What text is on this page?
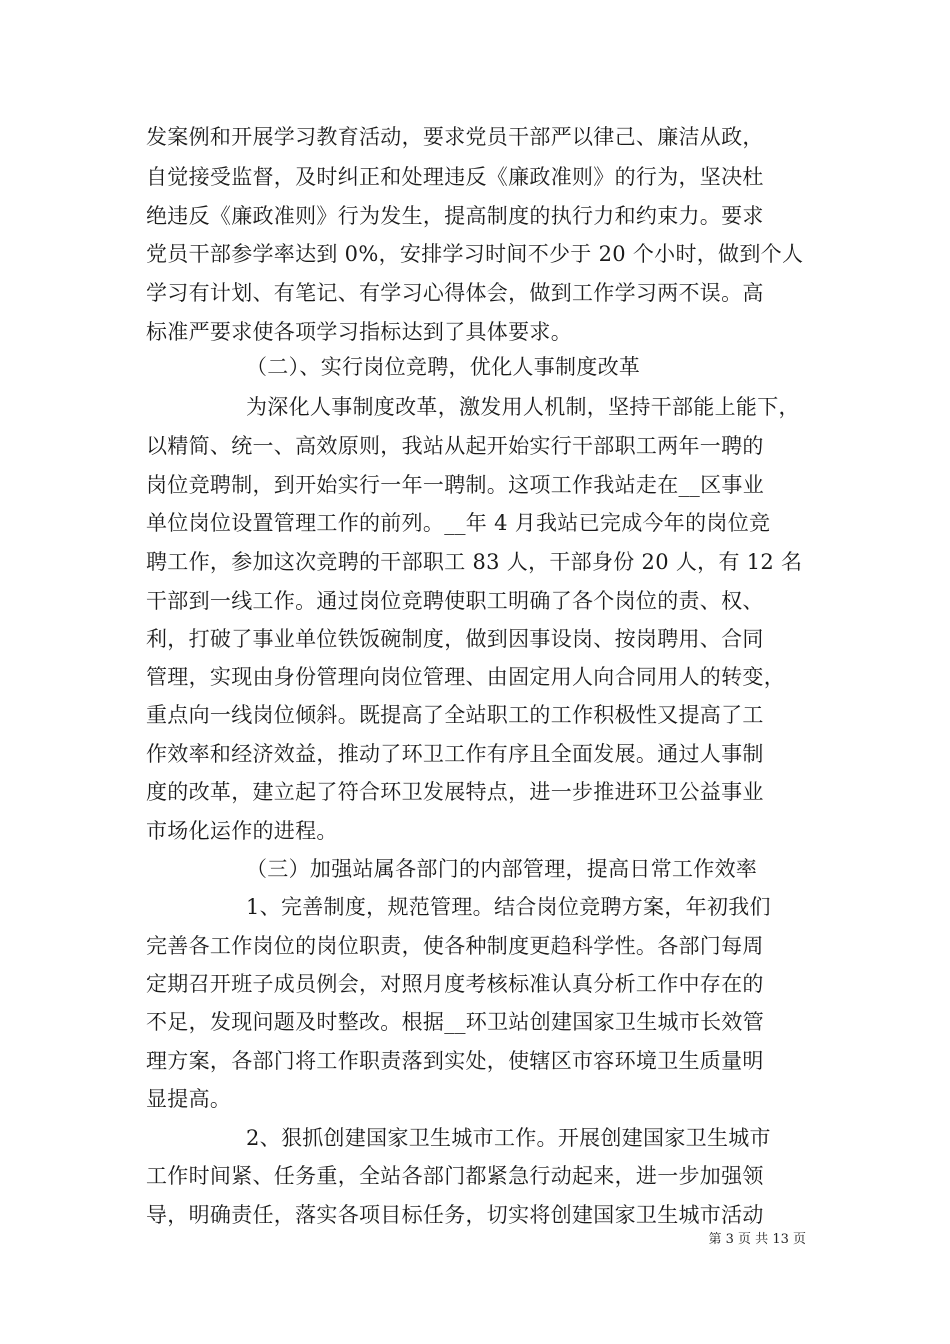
发案例和开展学习教育活动，要求党员干部严以律己、廉洁从政，
自觉接受监督，及时纠正和处理违反《廉政准则》的行为，坚决杜
绝违反《廉政准则》行为发生，提高制度的执行力和约束力。要求
党员干部参学率达到 0%，安排学习时间不少于 20 个小时，做到个人
学习有计划、有笔记、有学习心得体会，做到工作学习两不误。高
标准严要求使各项学习指标达到了具体要求。
（二）、实行岗位竞聘，优化人事制度改革
为深化人事制度改革，激发用人机制，坚持干部能上能下，
以精简、统一、高效原则，我站从起开始实行干部职工两年一聘的
岗位竞聘制，到开始实行一年一聘制。这项工作我站走在__区事业
单位岗位设置管理工作的前列。__年 4 月我站已完成今年的岗位竞
聘工作，参加这次竞聘的干部职工 83 人，干部身份 20 人，有 12 名
干部到一线工作。通过岗位竞聘使职工明确了各个岗位的责、权、
利，打破了事业单位铁饭碗制度，做到因事设岗、按岗聘用、合同
管理，实现由身份管理向岗位管理、由固定用人向合同用人的转变，
重点向一线岗位倾斜。既提高了全站职工的工作积极性又提高了工
作效率和经济效益，推动了环卫工作有序且全面发展。通过人事制
度的改革，建立起了符合环卫发展特点，进一步推进环卫公益事业
市场化运作的进程。
（三）加强站属各部门的内部管理，提高日常工作效率
1、完善制度，规范管理。结合岗位竞聘方案，年初我们
完善各工作岗位的岗位职责，使各种制度更趋科学性。各部门每周
定期召开班子成员例会，对照月度考核标准认真分析工作中存在的
不足，发现问题及时整改。根据__环卫站创建国家卫生城市长效管
理方案，各部门将工作职责落到实处，使辖区市容环境卫生质量明
显提高。
2、狠抓创建国家卫生城市工作。开展创建国家卫生城市
工作时间紧、任务重，全站各部门都紧急行动起来，进一步加强领
导，明确责任，落实各项目标任务，切实将创建国家卫生城市活动
第 3 页 共 13 页
